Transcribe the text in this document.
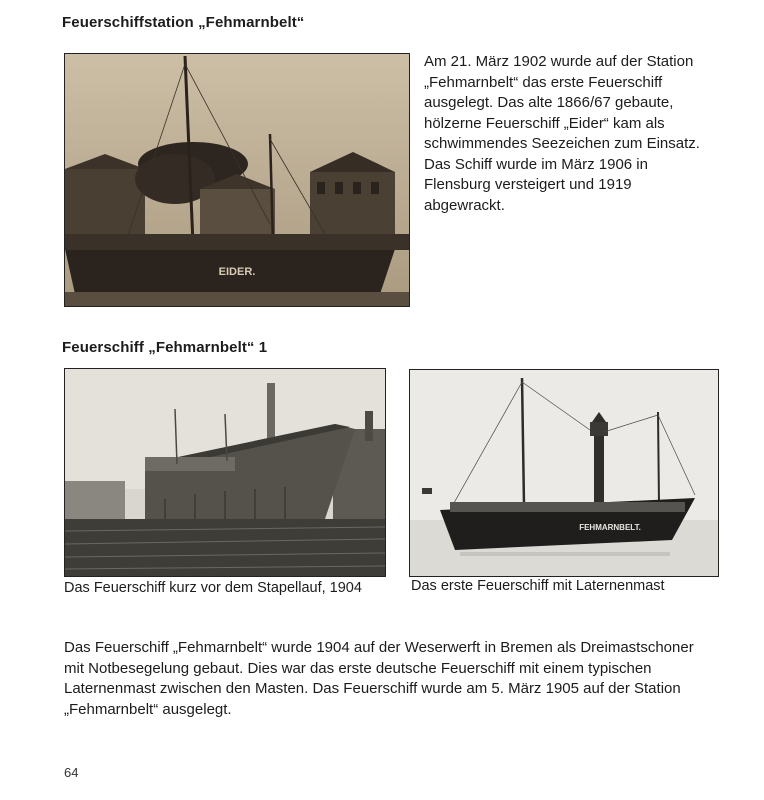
Feuerschiffstation „Fehmarnbelt“
EIDER.
Am 21. März 1902 wurde auf der Station
„Fehmarnbelt“ das erste Feuerschiff
ausgelegt. Das alte 1866/67 gebaute,
hölzerne Feuerschiff „Eider“ kam als
schwimmendes Seezeichen zum Einsatz.
Das Schiff wurde im März 1906 in
Flensburg versteigert und 1919
abgewrackt.
Feuerschiff „Fehmarnbelt“ 1
FEHMARNBELT.
Das Feuerschiff kurz vor dem Stapellauf, 1904	Das erste Feuerschiff mit Laternenmast
Das Feuerschiff „Fehmarnbelt“ wurde 1904 auf der Weserwerft in Bremen als Dreimastschoner
mit Notbesegelung gebaut. Dies war das erste deutsche Feuerschiff mit einem typischen
Laternenmast zwischen den Masten. Das Feuerschiff wurde am 5. März 1905 auf der Station
„Fehmarnbelt“ ausgelegt.
64
